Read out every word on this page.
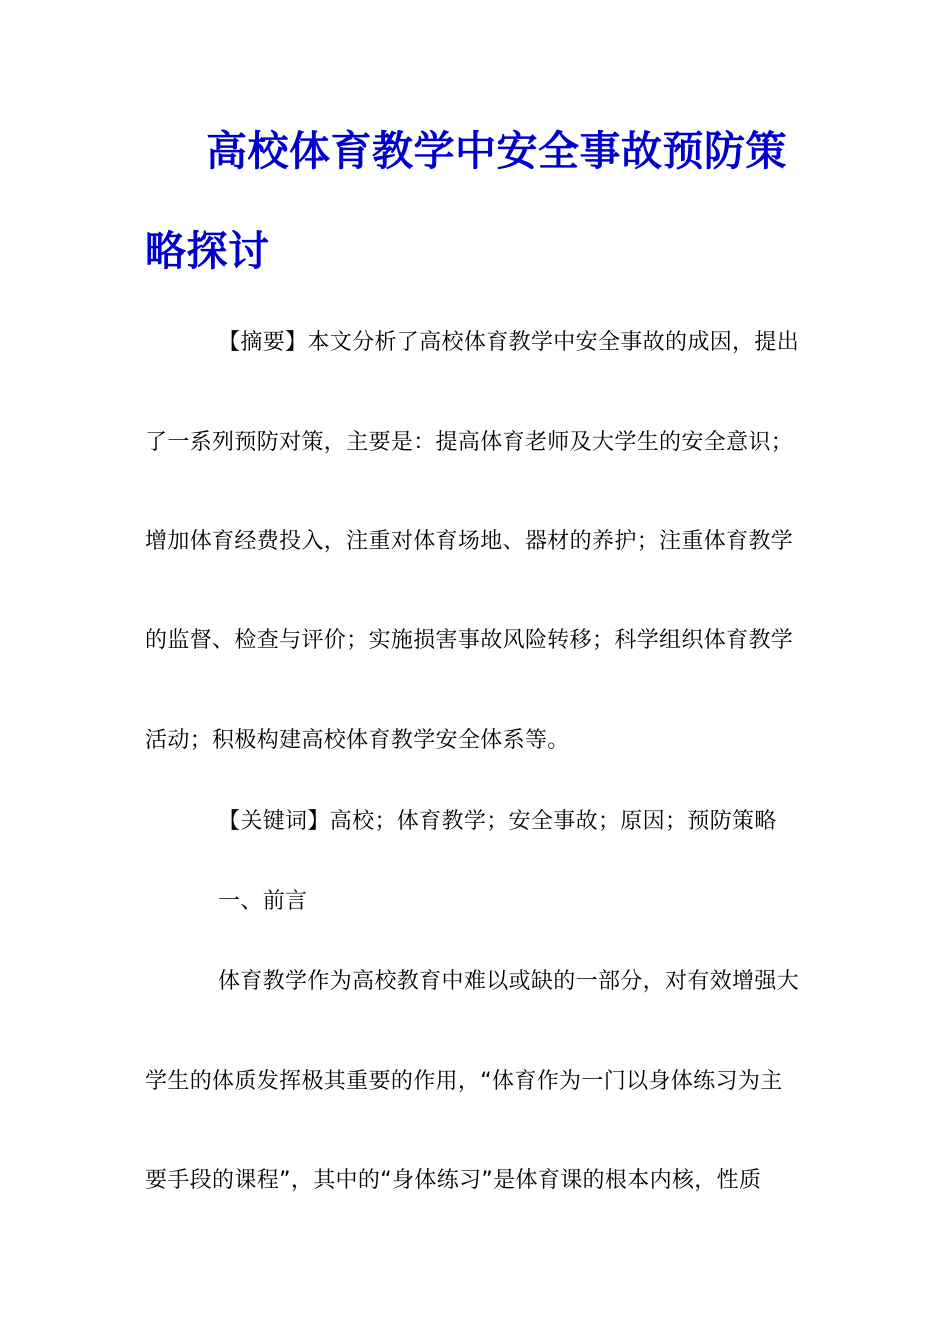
高校体育教学中安全事故预防策
略探讨
【摘要】本文分析了高校体育教学中安全事故的成因，提出
了一系列预防对策，主要是：提高体育老师及大学生的安全意识；
增加体育经费投入，注重对体育场地、器材的养护；注重体育教学
的监督、检查与评价；实施损害事故风险转移；科学组织体育教学
活动；积极构建高校体育教学安全体系等。
【关键词】高校；体育教学；安全事故；原因；预防策略
一、前言
体育教学作为高校教育中难以或缺的一部分，对有效增强大
学生的体质发挥极其重要的作用，“体育作为一门以身体练习为主
要手段的课程”，其中的“身体练习”是体育课的根本内核，性质
